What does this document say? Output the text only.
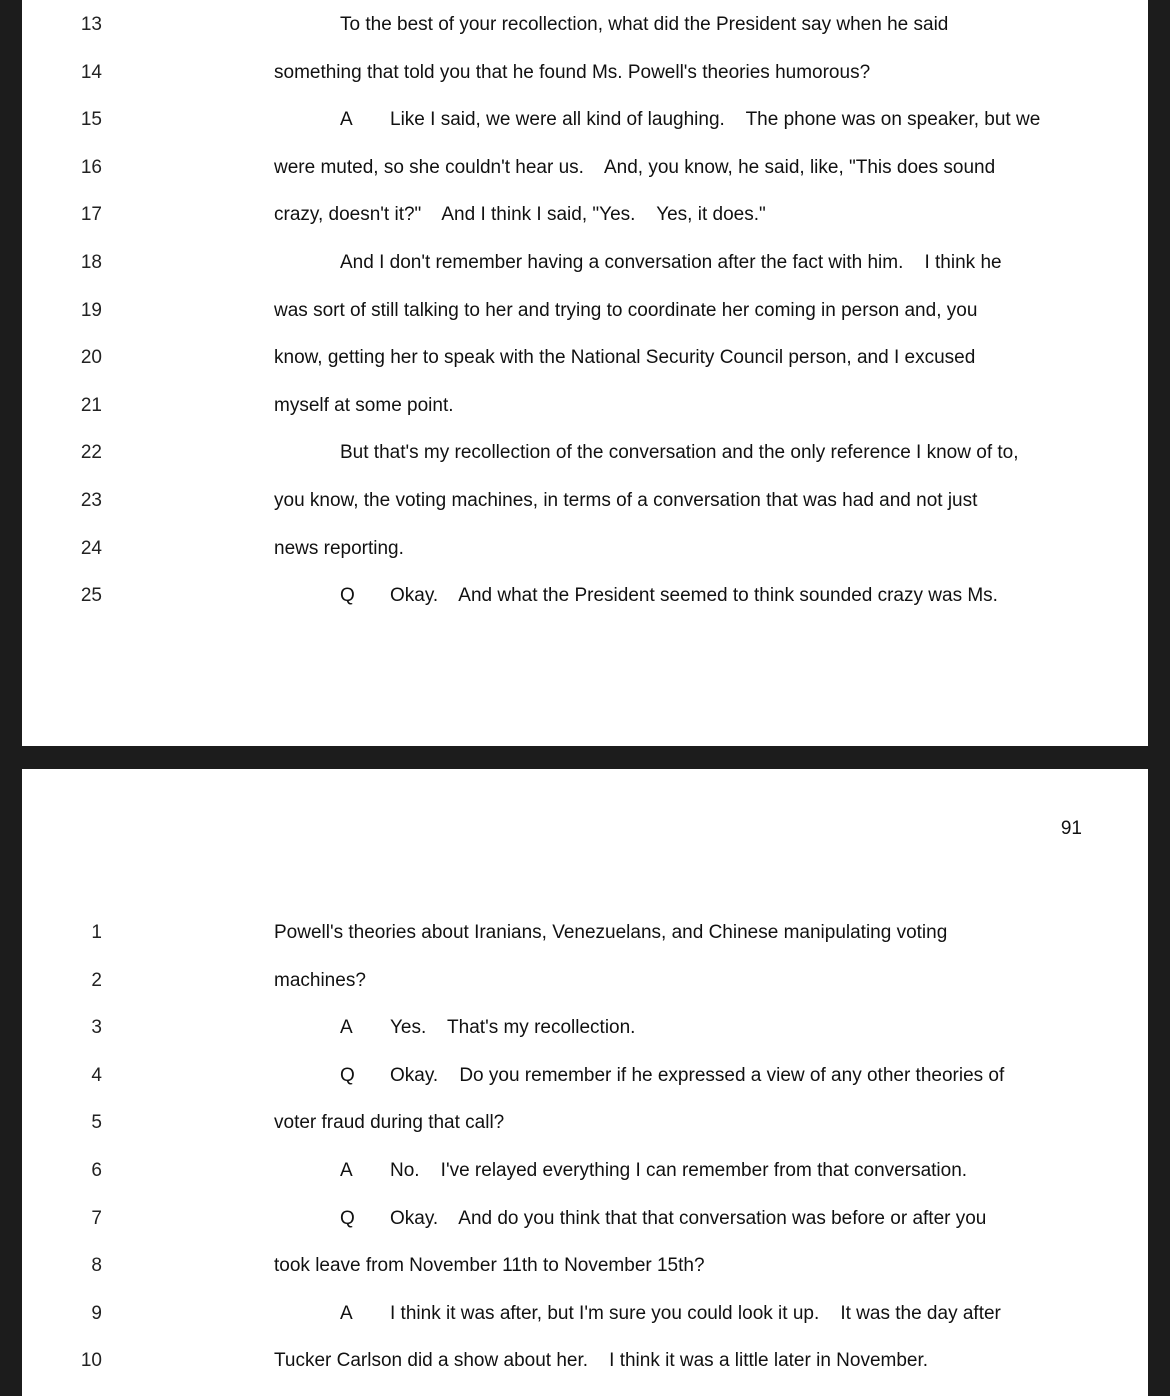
13	To the best of your recollection, what did the President say when he said
14	something that told you that he found Ms. Powell's theories humorous?
15	A	Like I said, we were all kind of laughing.    The phone was on speaker, but we
16	were muted, so she couldn't hear us.    And, you know, he said, like, "This does sound
17	crazy, doesn't it?"    And I think I said, "Yes.    Yes, it does."
18	And I don't remember having a conversation after the fact with him.    I think he
19	was sort of still talking to her and trying to coordinate her coming in person and, you
20	know, getting her to speak with the National Security Council person, and I excused
21	myself at some point.
22	But that's my recollection of the conversation and the only reference I know of to,
23	you know, the voting machines, in terms of a conversation that was had and not just
24	news reporting.
25	Q Okay.    And what the President seemed to think sounded crazy was Ms.
91
1	Powell's theories about Iranians, Venezuelans, and Chinese manipulating voting
2	machines?
3	A	Yes.    That's my recollection.
4	Q Okay.    Do you remember if he expressed a view of any other theories of
5	voter fraud during that call?
6	A	No.    I've relayed everything I can remember from that conversation.
7	Q Okay.    And do you think that that conversation was before or after you
8	took leave from November 11th to November 15th?
9	A	I think it was after, but I'm sure you could look it up.    It was the day after
10	Tucker Carlson did a show about her.    I think it was a little later in November.
